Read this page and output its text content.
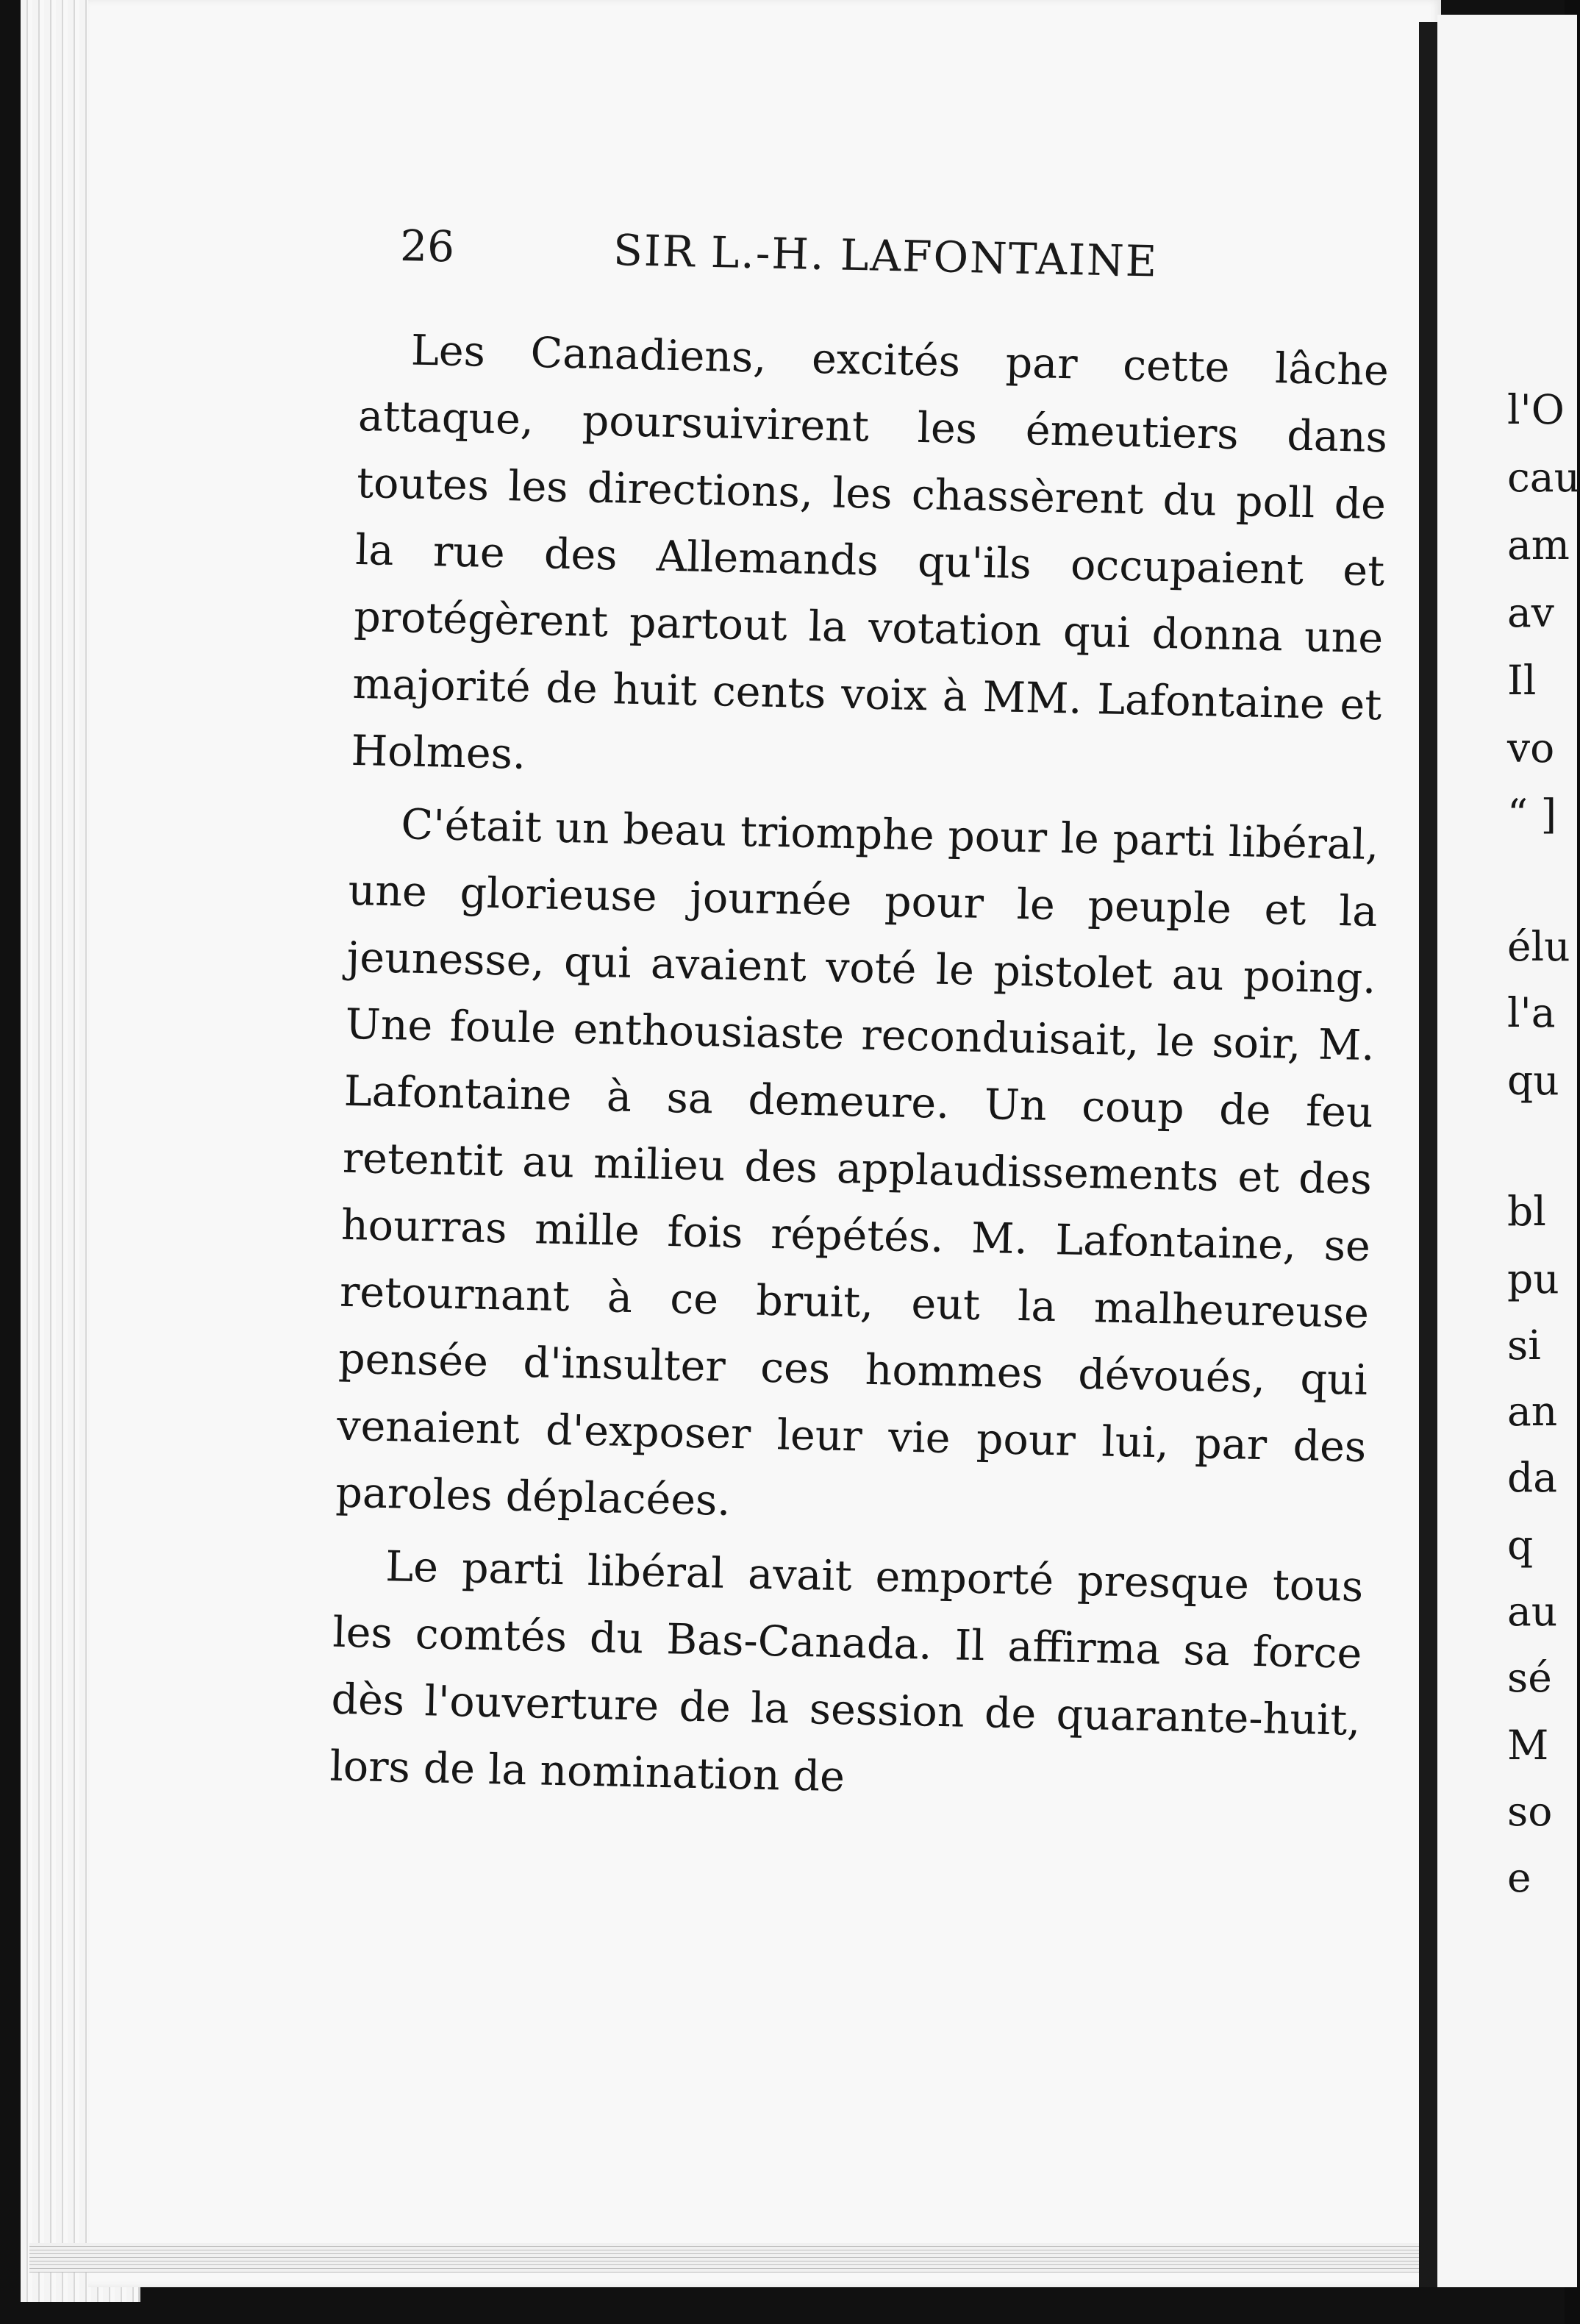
26	SIR L.-H. LAFONTAINE

Les Canadiens, excités par cette lâche attaque, poursuivirent les émeutiers dans toutes les directions, les chassèrent du poll de la rue des Allemands qu'ils occupaient et protégèrent partout la votation qui donna une majorité de huit cents voix à MM. Lafontaine et Holmes.

C'était un beau triomphe pour le parti libéral, une glorieuse journée pour le peuple et la jeunesse, qui avaient voté le pistolet au poing. Une foule enthousiaste reconduisait, le soir, M. Lafontaine à sa demeure. Un coup de feu retentit au milieu des applaudissements et des hourras mille fois répétés. M. Lafontaine, se retournant à ce bruit, eut la malheureuse pensée d'insulter ces hommes dévoués, qui venaient d'exposer leur vie pour lui, par des paroles déplacées.

Le parti libéral avait emporté presque tous les comtés du Bas-Canada. Il affirma sa force dès l'ouverture de la session de quarante-huit, lors de la nomination de

l'O
cau
am
av
Il
vo
“ ]
élu
l'a
qu
bl
pu
si
an
da
q
au
sé
M
so
e
